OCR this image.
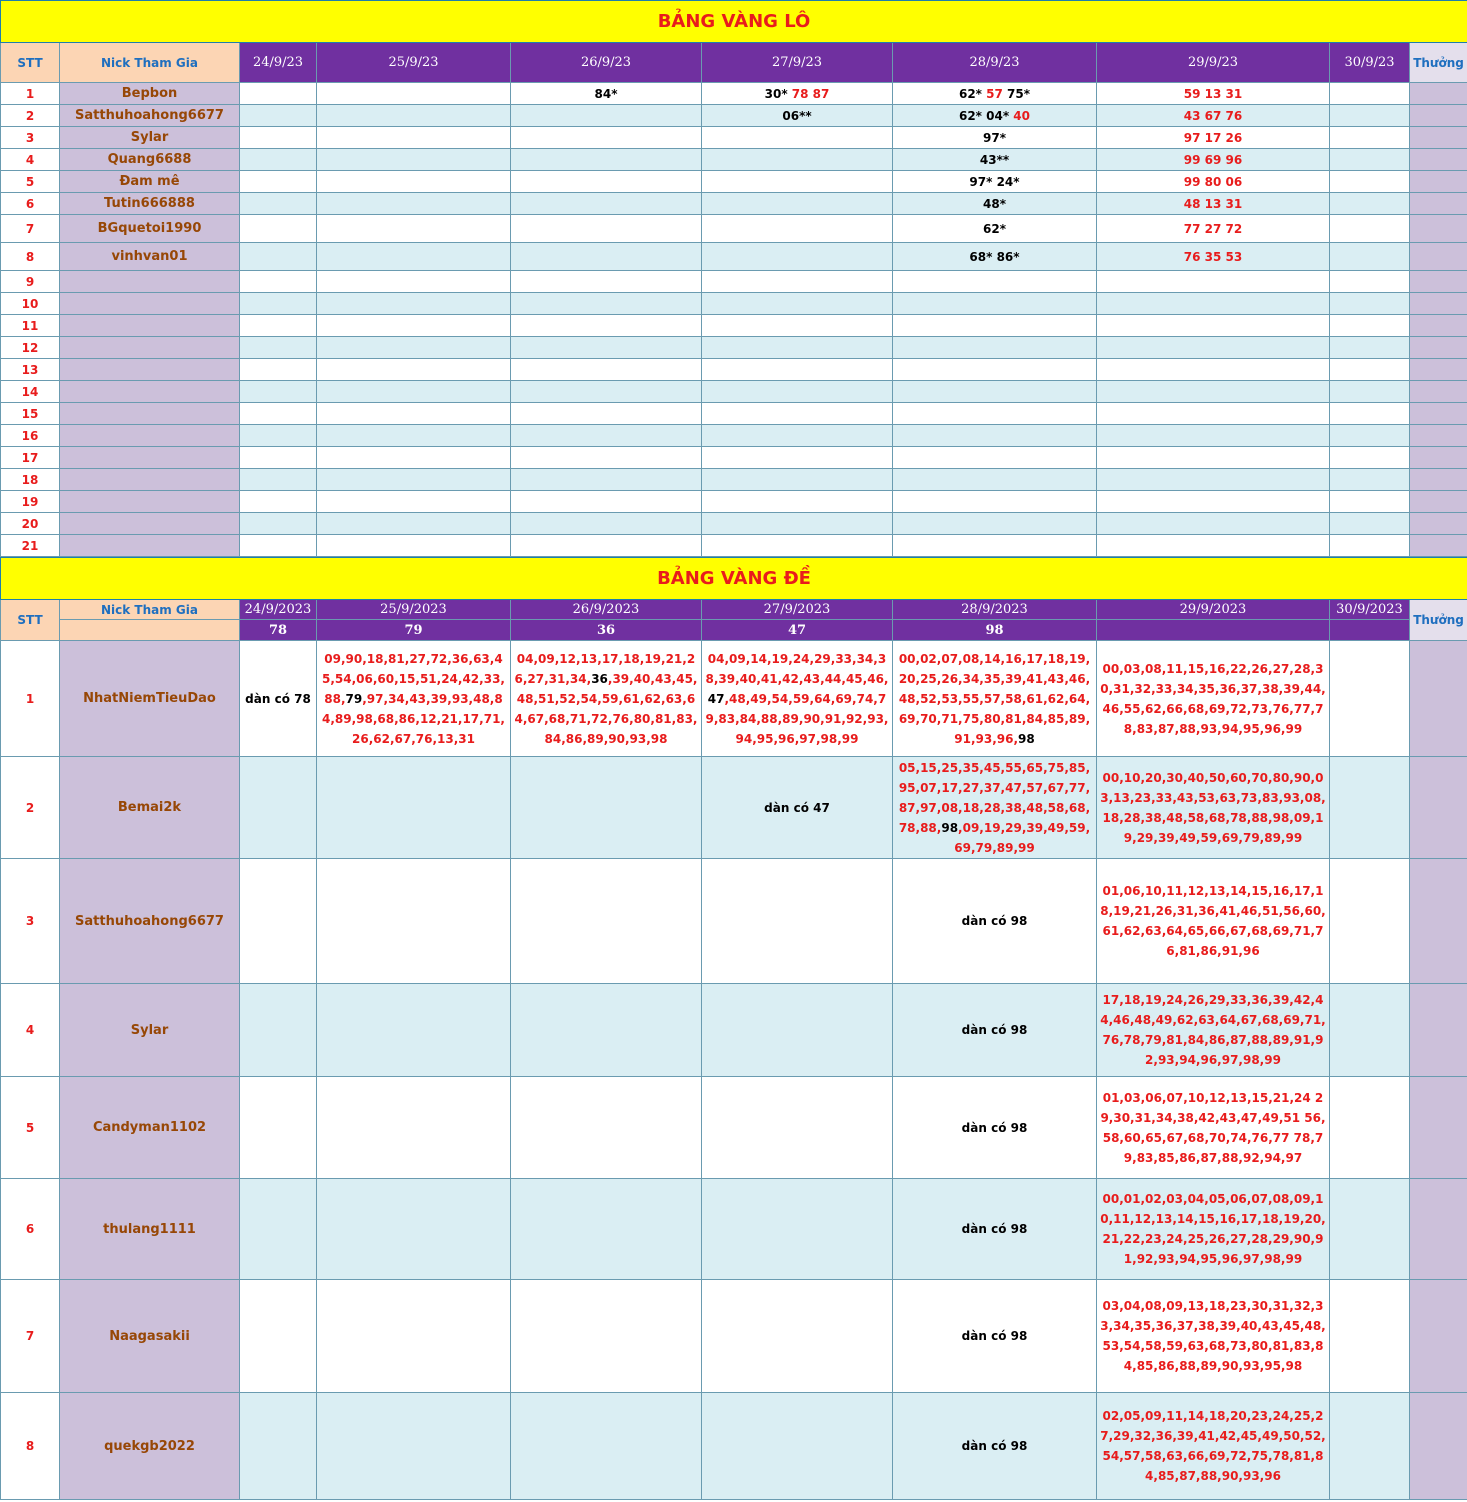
BẢNG VÀNG LÔ									
STT	Nick Tham Gia	24/9/23	25/9/23	26/9/23	27/9/23	28/9/23	29/9/23	30/9/23	Thưởng
1	Bepbon			84*	30* 78 87	62* 57 75*	59 13 31		

2	Satthuhoahong6677				06**	62* 04* 40	43 67 76		

3	Sylar					97*	97 17 26		

4	Quang6688					43**	99 69 96		

5	Đam mê					97* 24*	99 80 06		

6	Tutin666888					48*	48 13 31		

7	BGquetoi1990					62*	77 27 72		

8	vinhvan01					68* 86*	76 35 53		

9		

10		

11		

12		

13		

14		

15		

16		

17		

18		

19		

20		

21		

BẢNG VÀNG ĐỀ									
STT	Nick Tham Gia	24/9/2023	25/9/2023	26/9/2023	27/9/2023	28/9/2023	29/9/2023	30/9/2023	Thưởng
		78	79	36	47	98			
1	NhatNiemTieuDao	dàn có 78	09,90,18,81,27,72,36,63,45,54,06,60,15,51,24,42,33,88,79,97,34,43,39,93,48,84,89,98,68,86,12,21,17,71,26,62,67,76,13,31	04,09,12,13,17,18,19,21,26,27,31,34,36,39,40,43,45,48,51,52,54,59,61,62,63,64,67,68,71,72,76,80,81,83,84,86,89,90,93,98	04,09,14,19,24,29,33,34,38,39,40,41,42,43,44,45,46,47,48,49,54,59,64,69,74,79,83,84,88,89,90,91,92,93,94,95,96,97,98,99	00,02,07,08,14,16,17,18,19,20,25,26,34,35,39,41,43,46,48,52,53,55,57,58,61,62,64,69,70,71,75,80,81,84,85,89,91,93,96,98	00,03,08,11,15,16,22,26,27,28,30,31,32,33,34,35,36,37,38,39,44,46,55,62,66,68,69,72,73,76,77,78,83,87,88,93,94,95,96,99		

2	Bemai2k				dàn có 47	05,15,25,35,45,55,65,75,85,95,07,17,27,37,47,57,67,77,87,97,08,18,28,38,48,58,68,78,88,98,09,19,29,39,49,59,69,79,89,99	00,10,20,30,40,50,60,70,80,90,03,13,23,33,43,53,63,73,83,93,08,18,28,38,48,58,68,78,88,98,09,19,29,39,49,59,69,79,89,99		

3	Satthuhoahong6677					dàn có 98	01,06,10,11,12,13,14,15,16,17,18,19,21,26,31,36,41,46,51,56,60,61,62,63,64,65,66,67,68,69,71,76,81,86,91,96		

4	Sylar					dàn có 98	17,18,19,24,26,29,33,36,39,42,44,46,48,49,62,63,64,67,68,69,71,76,78,79,81,84,86,87,88,89,91,92,93,94,96,97,98,99		

5	Candyman1102					dàn có 98	01,03,06,07,10,12,13,15,21,24 29,30,31,34,38,42,43,47,49,51 56,58,60,65,67,68,70,74,76,77 78,79,83,85,86,87,88,92,94,97		

6	thulang1111					dàn có 98	00,01,02,03,04,05,06,07,08,09,10,11,12,13,14,15,16,17,18,19,20,21,22,23,24,25,26,27,28,29,90,91,92,93,94,95,96,97,98,99		

7	Naagasakii					dàn có 98	03,04,08,09,13,18,23,30,31,32,33,34,35,36,37,38,39,40,43,45,48,53,54,58,59,63,68,73,80,81,83,84,85,86,88,89,90,93,95,98		

8	quekgb2022					dàn có 98	02,05,09,11,14,18,20,23,24,25,27,29,32,36,39,41,42,45,49,50,52,54,57,58,63,66,69,72,75,78,81,84,85,87,88,90,93,96		
